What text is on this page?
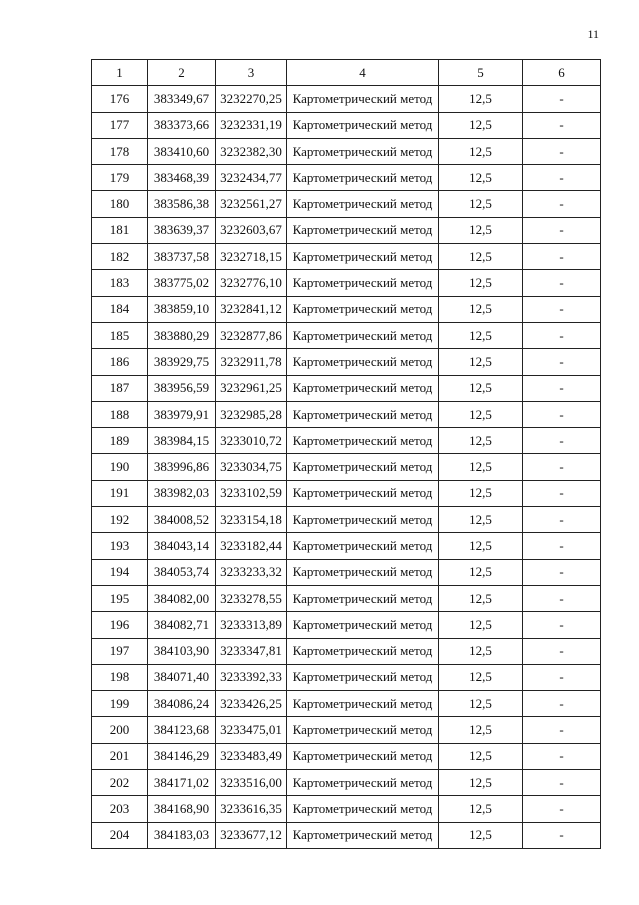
11
1	2	3	4	5	6
176	383349,67	3232270,25	Картометрический метод	12,5	-
177	383373,66	3232331,19	Картометрический метод	12,5	-
178	383410,60	3232382,30	Картометрический метод	12,5	-
179	383468,39	3232434,77	Картометрический метод	12,5	-
180	383586,38	3232561,27	Картометрический метод	12,5	-
181	383639,37	3232603,67	Картометрический метод	12,5	-
182	383737,58	3232718,15	Картометрический метод	12,5	-
183	383775,02	3232776,10	Картометрический метод	12,5	-
184	383859,10	3232841,12	Картометрический метод	12,5	-
185	383880,29	3232877,86	Картометрический метод	12,5	-
186	383929,75	3232911,78	Картометрический метод	12,5	-
187	383956,59	3232961,25	Картометрический метод	12,5	-
188	383979,91	3232985,28	Картометрический метод	12,5	-
189	383984,15	3233010,72	Картометрический метод	12,5	-
190	383996,86	3233034,75	Картометрический метод	12,5	-
191	383982,03	3233102,59	Картометрический метод	12,5	-
192	384008,52	3233154,18	Картометрический метод	12,5	-
193	384043,14	3233182,44	Картометрический метод	12,5	-
194	384053,74	3233233,32	Картометрический метод	12,5	-
195	384082,00	3233278,55	Картометрический метод	12,5	-
196	384082,71	3233313,89	Картометрический метод	12,5	-
197	384103,90	3233347,81	Картометрический метод	12,5	-
198	384071,40	3233392,33	Картометрический метод	12,5	-
199	384086,24	3233426,25	Картометрический метод	12,5	-
200	384123,68	3233475,01	Картометрический метод	12,5	-
201	384146,29	3233483,49	Картометрический метод	12,5	-
202	384171,02	3233516,00	Картометрический метод	12,5	-
203	384168,90	3233616,35	Картометрический метод	12,5	-
204	384183,03	3233677,12	Картометрический метод	12,5	-
